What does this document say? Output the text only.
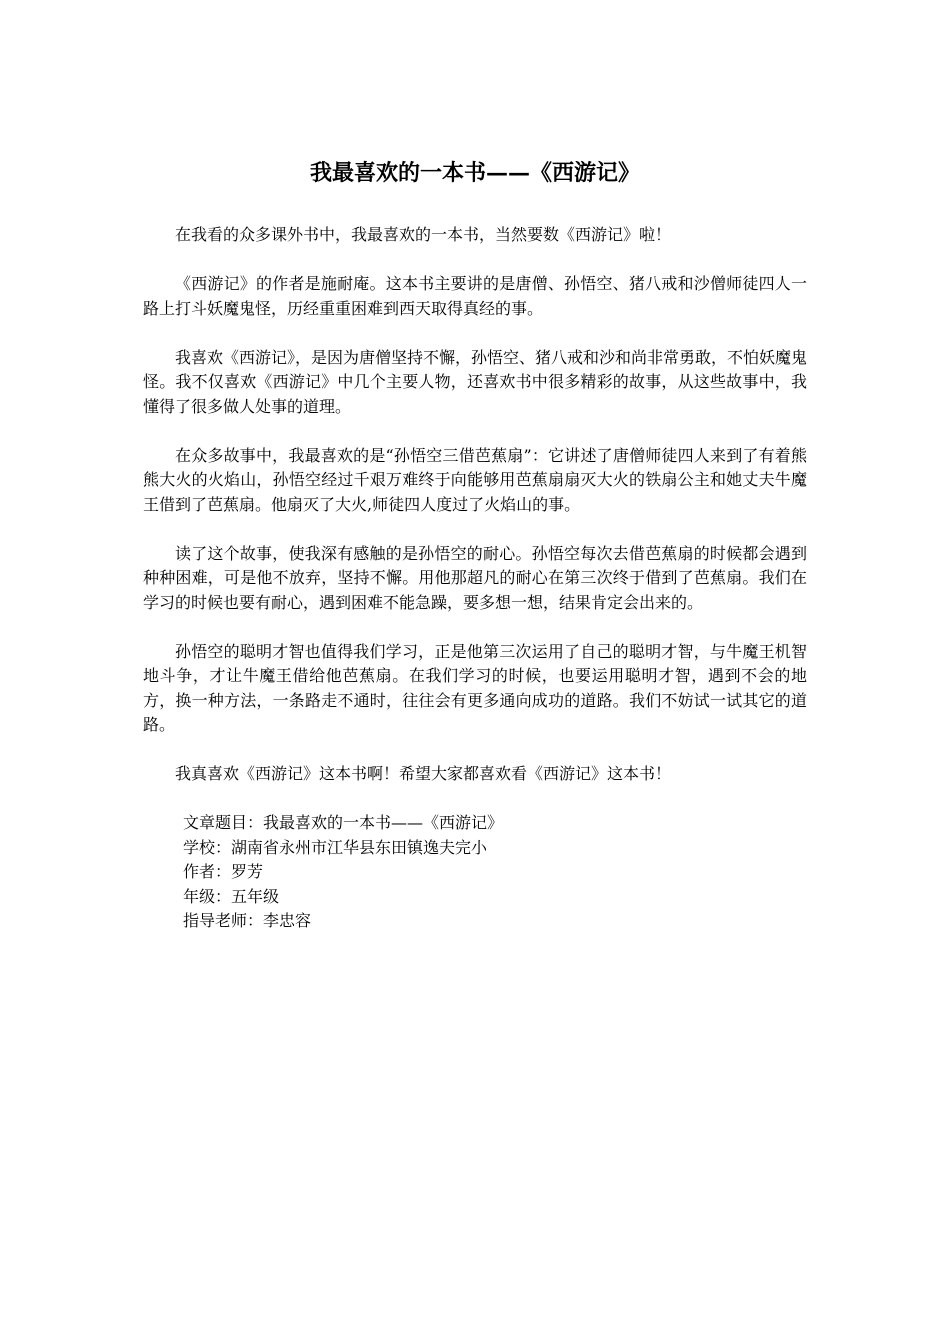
我最喜欢的一本书——《西游记》

在我看的众多课外书中，我最喜欢的一本书，当然要数《西游记》啦！

《西游记》的作者是施耐庵。这本书主要讲的是唐僧、孙悟空、猪八戒和沙僧师徒四人一路上打斗妖魔鬼怪，历经重重困难到西天取得真经的事。

我喜欢《西游记》，是因为唐僧坚持不懈，孙悟空、猪八戒和沙和尚非常勇敢，不怕妖魔鬼怪。我不仅喜欢《西游记》中几个主要人物，还喜欢书中很多精彩的故事，从这些故事中，我懂得了很多做人处事的道理。

在众多故事中，我最喜欢的是“孙悟空三借芭蕉扇”：它讲述了唐僧师徒四人来到了有着熊熊大火的火焰山，孙悟空经过千艰万难终于向能够用芭蕉扇扇灭大火的铁扇公主和她丈夫牛魔王借到了芭蕉扇。他扇灭了大火,师徒四人度过了火焰山的事。

读了这个故事，使我深有感触的是孙悟空的耐心。孙悟空每次去借芭蕉扇的时候都会遇到种种困难，可是他不放弃，坚持不懈。用他那超凡的耐心在第三次终于借到了芭蕉扇。我们在学习的时候也要有耐心，遇到困难不能急躁，要多想一想，结果肯定会出来的。

孙悟空的聪明才智也值得我们学习，正是他第三次运用了自己的聪明才智，与牛魔王机智地斗争，才让牛魔王借给他芭蕉扇。在我们学习的时候，也要运用聪明才智，遇到不会的地方，换一种方法，一条路走不通时，往往会有更多通向成功的道路。我们不妨试一试其它的道路。

我真喜欢《西游记》这本书啊！希望大家都喜欢看《西游记》这本书！

文章题目：我最喜欢的一本书——《西游记》
学校：湖南省永州市江华县东田镇逸夫完小
作者：罗芳
年级：五年级
指导老师：李忠容
